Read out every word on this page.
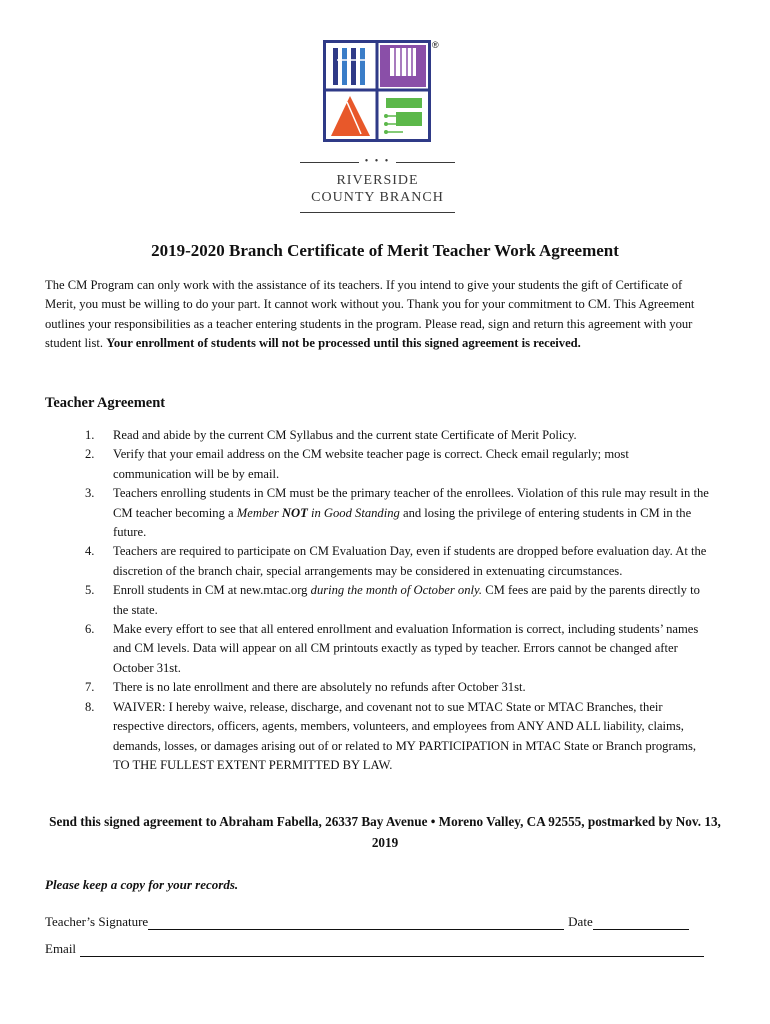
®
• • •
RIVERSIDE
COUNTY BRANCH
2019-2020 Branch Certificate of Merit Teacher Work Agreement

The CM Program can only work with the assistance of its teachers. If you intend to give your students the gift of Certificate of Merit, you must be willing to do your part. It cannot work without you. Thank you for your commitment to CM. This Agreement outlines your responsibilities as a teacher entering students in the program. Please read, sign and return this agreement with your student list. Your enrollment of students will not be processed until this signed agreement is received.

Teacher Agreement
1. Read and abide by the current CM Syllabus and the current state Certificate of Merit Policy.
2. Verify that your email address on the CM website teacher page is correct. Check email regularly; most communication will be by email.
3. Teachers enrolling students in CM must be the primary teacher of the enrollees. Violation of this rule may result in the CM teacher becoming a Member NOT in Good Standing and losing the privilege of entering students in CM in the future.
4. Teachers are required to participate on CM Evaluation Day, even if students are dropped before evaluation day. At the discretion of the branch chair, special arrangements may be considered in extenuating circumstances.
5. Enroll students in CM at new.mtac.org during the month of October only. CM fees are paid by the parents directly to the state.
6. Make every effort to see that all entered enrollment and evaluation Information is correct, including students’ names and CM levels. Data will appear on all CM printouts exactly as typed by teacher. Errors cannot be changed after October 31st.
7. There is no late enrollment and there are absolutely no refunds after October 31st.
8. WAIVER: I hereby waive, release, discharge, and covenant not to sue MTAC State or MTAC Branches, their respective directors, officers, agents, members, volunteers, and employees from ANY AND ALL liability, claims, demands, losses, or damages arising out of or related to MY PARTICIPATION in MTAC State or Branch programs, TO THE FULLEST EXTENT PERMITTED BY LAW.

Send this signed agreement to Abraham Fabella, 26337 Bay Avenue • Moreno Valley, CA 92555, postmarked by Nov. 13, 2019

Please keep a copy for your records.

Teacher’s Signature	Date
Email
